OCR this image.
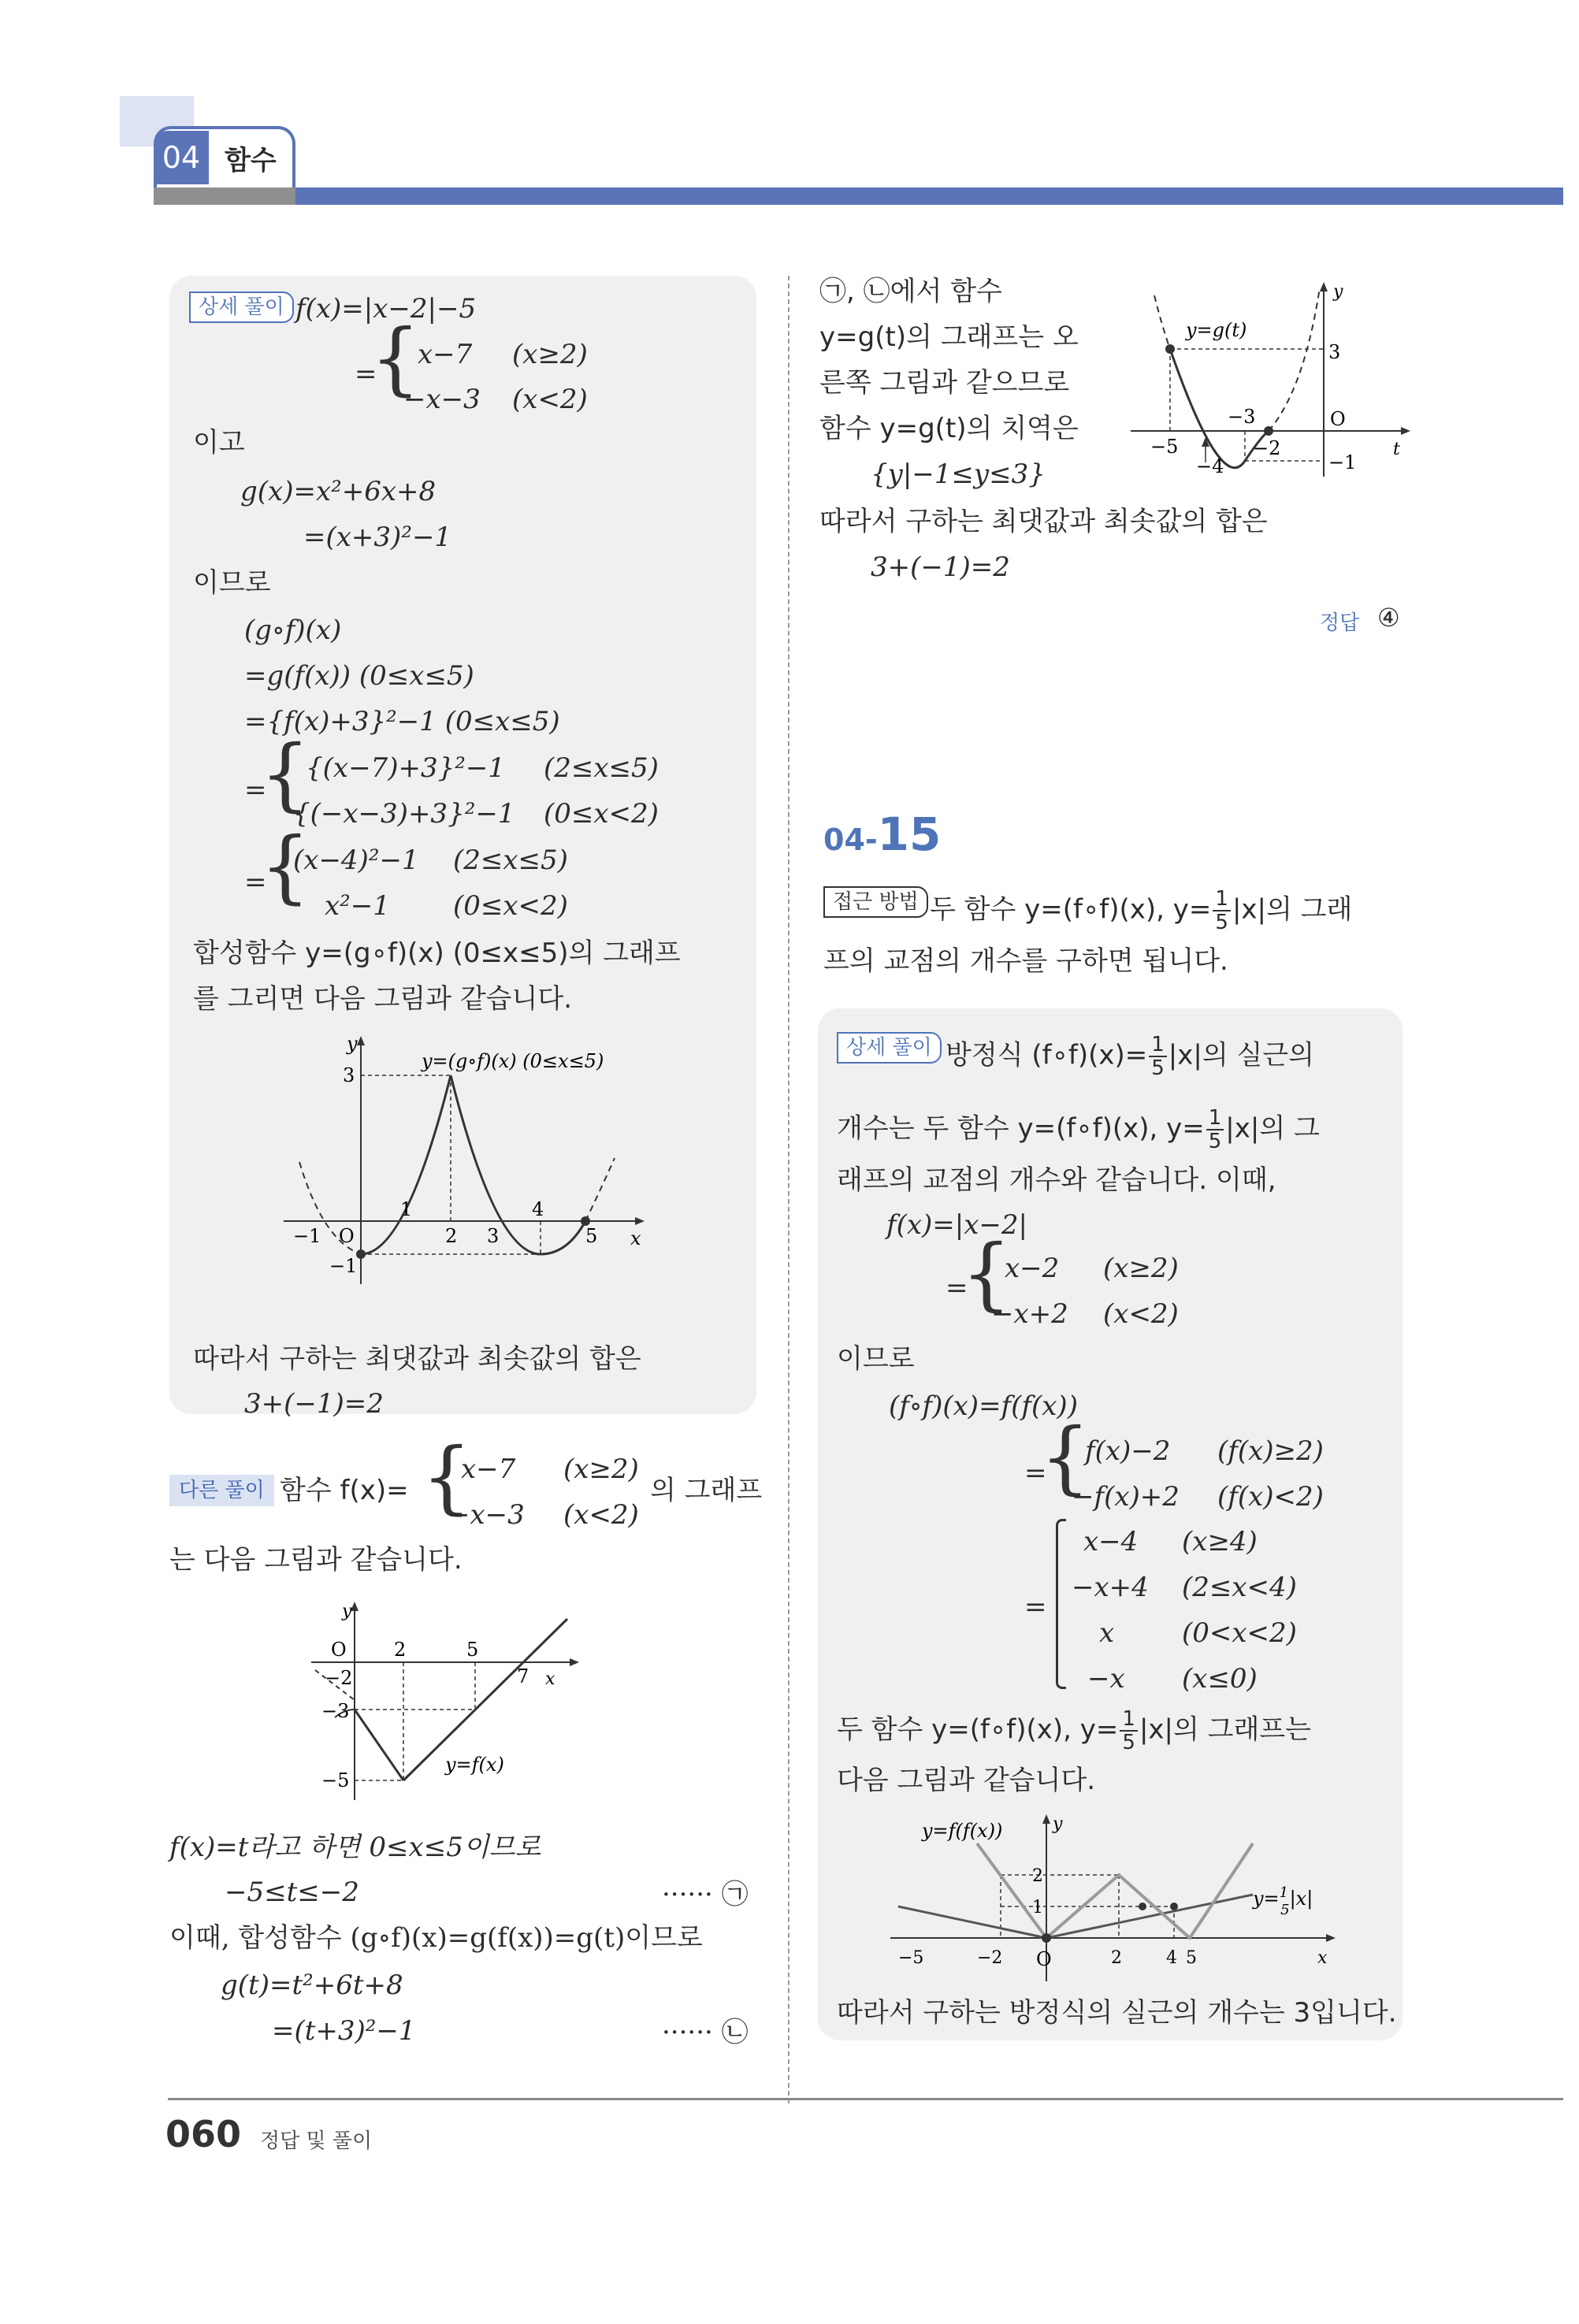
04 함수
상세 풀이 f(x)=|x−2|−5
=
{
x−7 (x≥2)
−x−3 (x<2)
이고
g(x)=x²+6x+8
=(x+3)²−1
이므로
(g∘f)(x)
=g(f(x)) (0≤x≤5)
={f(x)+3}²−1 (0≤x≤5)
=
{
{(x−7)+3}²−1 (2≤x≤5)
{(−x−3)+3}²−1 (0≤x<2)
=
{
(x−4)²−1 (2≤x≤5)
x²−1 (0≤x<2)
합성함수 y=(g∘f)(x) (0≤x≤5)의 그래프
를 그리면 다음 그림과 같습니다.
y
x
y=(g∘f)(x) (0≤x≤5)
3
1	4
−1 O	2 3	5
−1
따라서 구하는 최댓값과 최솟값의 합은
3+(−1)=2
다른 풀이 함수 f(x)= {
x−7 (x≥2)
−x−3 (x<2)
의 그래프
는 다음 그림과 같습니다.
y
x
O	2	5
−2	7
−3
−5
y=f(x)
f(x)=t라고 하면 0≤x≤5이므로
−5≤t≤−2	······ ㉠
이때, 합성함수 (g∘f)(x)=g(f(x))=g(t)이므로
g(t)=t²+6t+8
=(t+3)²−1	······ ㉡
㉠, ㉡에서 함수
y=g(t)의 그래프는 오
른쪽 그림과 같으므로
함수 y=g(t)의 치역은
{y|−1≤y≤3}
따라서 구하는 최댓값과 최솟값의 합은
3+(−1)=2
정답 ④
y
t
y=g(t)
3
−3	O
−5
−4
−2
−1
04-15
접근 방법 두 함수 y=(f∘f)(x), $y= \frac{1}{5} |x|$의 그래
프의 교점의 개수를 구하면 됩니다.
상세 풀이 방정식 (f∘f)(x)= $\frac{1}{5} |x|$의 실근의
개수는 두 함수 y=(f∘f)(x), $y= \frac{1}{5} |x|$의 그
래프의 교점의 개수와 같습니다. 이때,
f(x)=|x−2|
=
{
x−2 (x≥2)
−x+2 (x<2)
이므로
(f∘f)(x)=f(f(x))
=
{
f(x)−2 (f(x)≥2)
−f(x)+2 (f(x)<2)
=
x−4 (x≥4)
−x+4 (2≤x<4)
x	(0<x<2)
−x (x≤0)
두 함수 y=(f∘f)(x), $y= \frac{1}{5} |x|$의 그래프는
다음 그림과 같습니다.
y
x
y=f(f(x))
y=$^1$ 5|x|
2
1
−5	−2 O	2	4 5
따라서 구하는 방정식의 실근의 개수는 3입니다.
060 정답 및 풀이
